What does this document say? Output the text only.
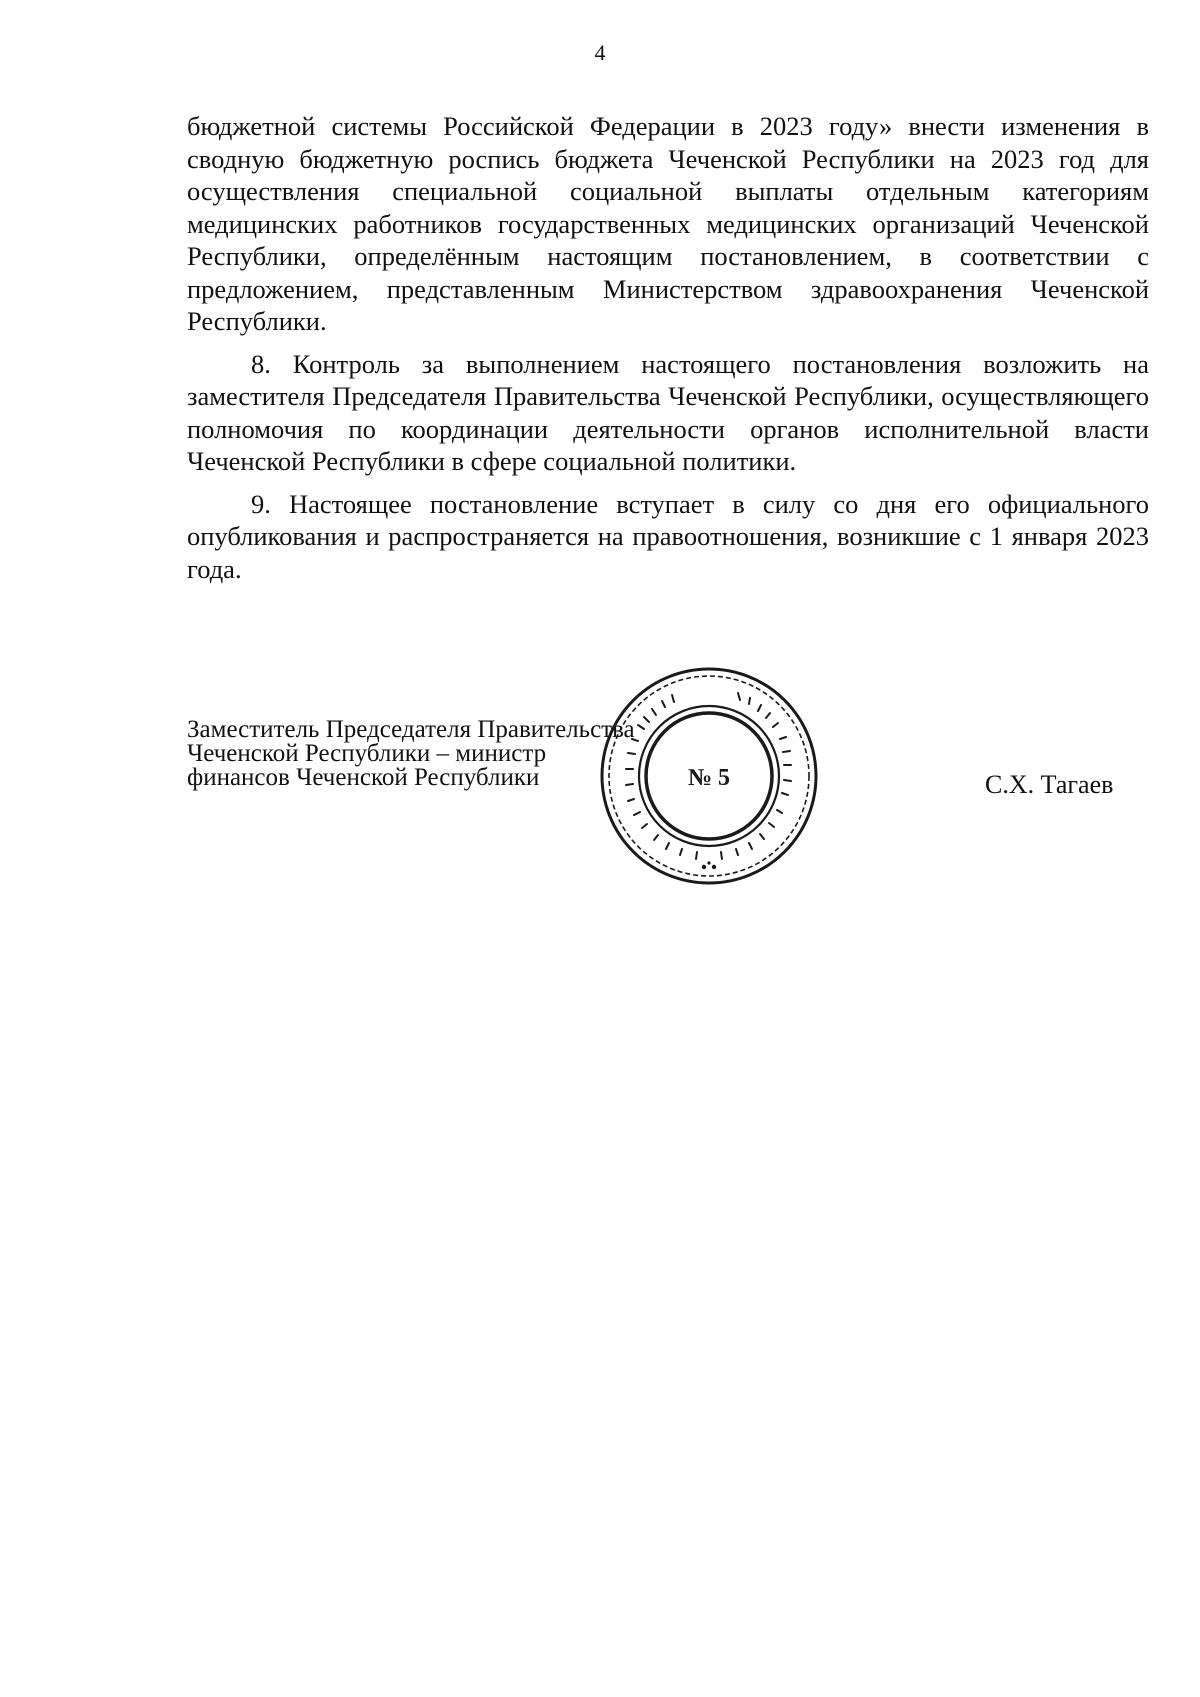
4

бюджетной системы Российской Федерации в 2023 году» внести изменения в сводную бюджетную роспись бюджета Чеченской Республики на 2023 год для осуществления специальной социальной выплаты отдельным категориям медицинских работников государственных медицинских организаций Чеченской Республики, определённым настоящим постановлением, в соответствии с предложением, представленным Министерством здравоохранения Чеченской Республики.

8. Контроль за выполнением настоящего постановления возложить на заместителя Председателя Правительства Чеченской Республики, осуществляющего полномочия по координации деятельности органов исполнительной власти Чеченской Республики в сфере социальной политики.

9. Настоящее постановление вступает в силу со дня его официального опубликования и распространяется на правоотношения, возникшие с 1 января 2023 года.

Заместитель Председателя Правительства
Чеченской Республики – министр
финансов Чеченской Республики	С.Х. Тагаев
№ 5
